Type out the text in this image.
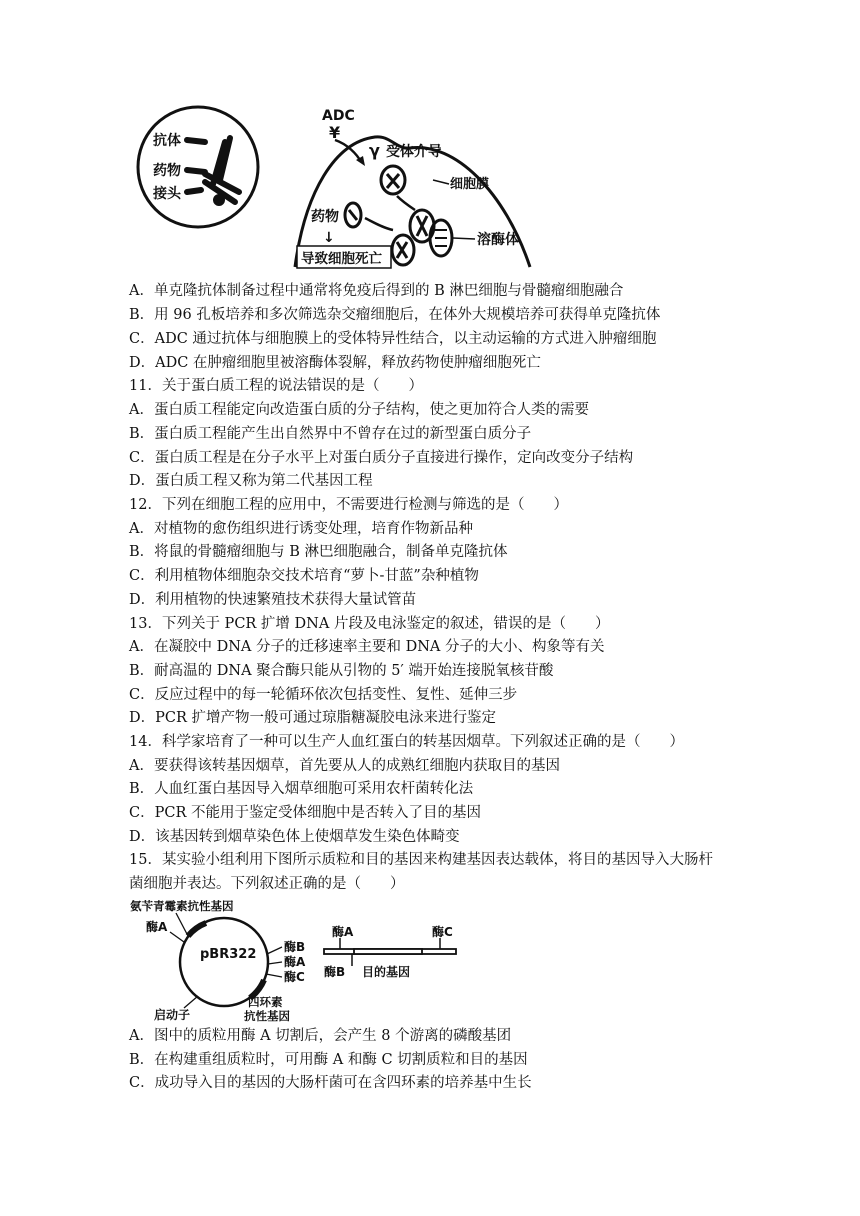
抗体
药物
接头
ADC
¥
γ 受体介导
细胞膜
溶酶体
药物
↓
导致细胞死亡
A．单克隆抗体制备过程中通常将免疫后得到的 B 淋巴细胞与骨髓瘤细胞融合
B．用 96 孔板培养和多次筛选杂交瘤细胞后，在体外大规模培养可获得单克隆抗体
C．ADC 通过抗体与细胞膜上的受体特异性结合，以主动运输的方式进入肿瘤细胞
D．ADC 在肿瘤细胞里被溶酶体裂解，释放药物使肿瘤细胞死亡
11．关于蛋白质工程的说法错误的是（　　）
A．蛋白质工程能定向改造蛋白质的分子结构，使之更加符合人类的需要
B．蛋白质工程能产生出自然界中不曾存在过的新型蛋白质分子
C．蛋白质工程是在分子水平上对蛋白质分子直接进行操作，定向改变分子结构
D．蛋白质工程又称为第二代基因工程
12．下列在细胞工程的应用中，不需要进行检测与筛选的是（　　）
A．对植物的愈伤组织进行诱变处理，培育作物新品种
B．将鼠的骨髓瘤细胞与 B 淋巴细胞融合，制备单克隆抗体
C．利用植物体细胞杂交技术培育“萝卜-甘蓝”杂种植物
D．利用植物的快速繁殖技术获得大量试管苗
13．下列关于 PCR 扩增 DNA 片段及电泳鉴定的叙述，错误的是（　　）
A．在凝胶中 DNA 分子的迁移速率主要和 DNA 分子的大小、构象等有关
B．耐高温的 DNA 聚合酶只能从引物的 5′ 端开始连接脱氧核苷酸
C．反应过程中的每一轮循环依次包括变性、复性、延伸三步
D．PCR 扩增产物一般可通过琼脂糖凝胶电泳来进行鉴定
14．科学家培育了一种可以生产人血红蛋白的转基因烟草。下列叙述正确的是（　　）
A．要获得该转基因烟草，首先要从人的成熟红细胞内获取目的基因
B．人血红蛋白基因导入烟草细胞可采用农杆菌转化法
C．PCR 不能用于鉴定受体细胞中是否转入了目的基因
D．该基因转到烟草染色体上使烟草发生染色体畸变
15．某实验小组利用下图所示质粒和目的基因来构建基因表达载体，将目的基因导入大肠杆
菌细胞并表达。下列叙述正确的是（　　）
氨苄青霉素抗性基因
酶A
pBR322 酶B
酶A
酶C
启动子
四环素
抗性基因
酶A	酶C
酶B 目的基因
A．图中的质粒用酶 A 切割后，会产生 8 个游离的磷酸基团
B．在构建重组质粒时，可用酶 A 和酶 C 切割质粒和目的基因
C．成功导入目的基因的大肠杆菌可在含四环素的培养基中生长
